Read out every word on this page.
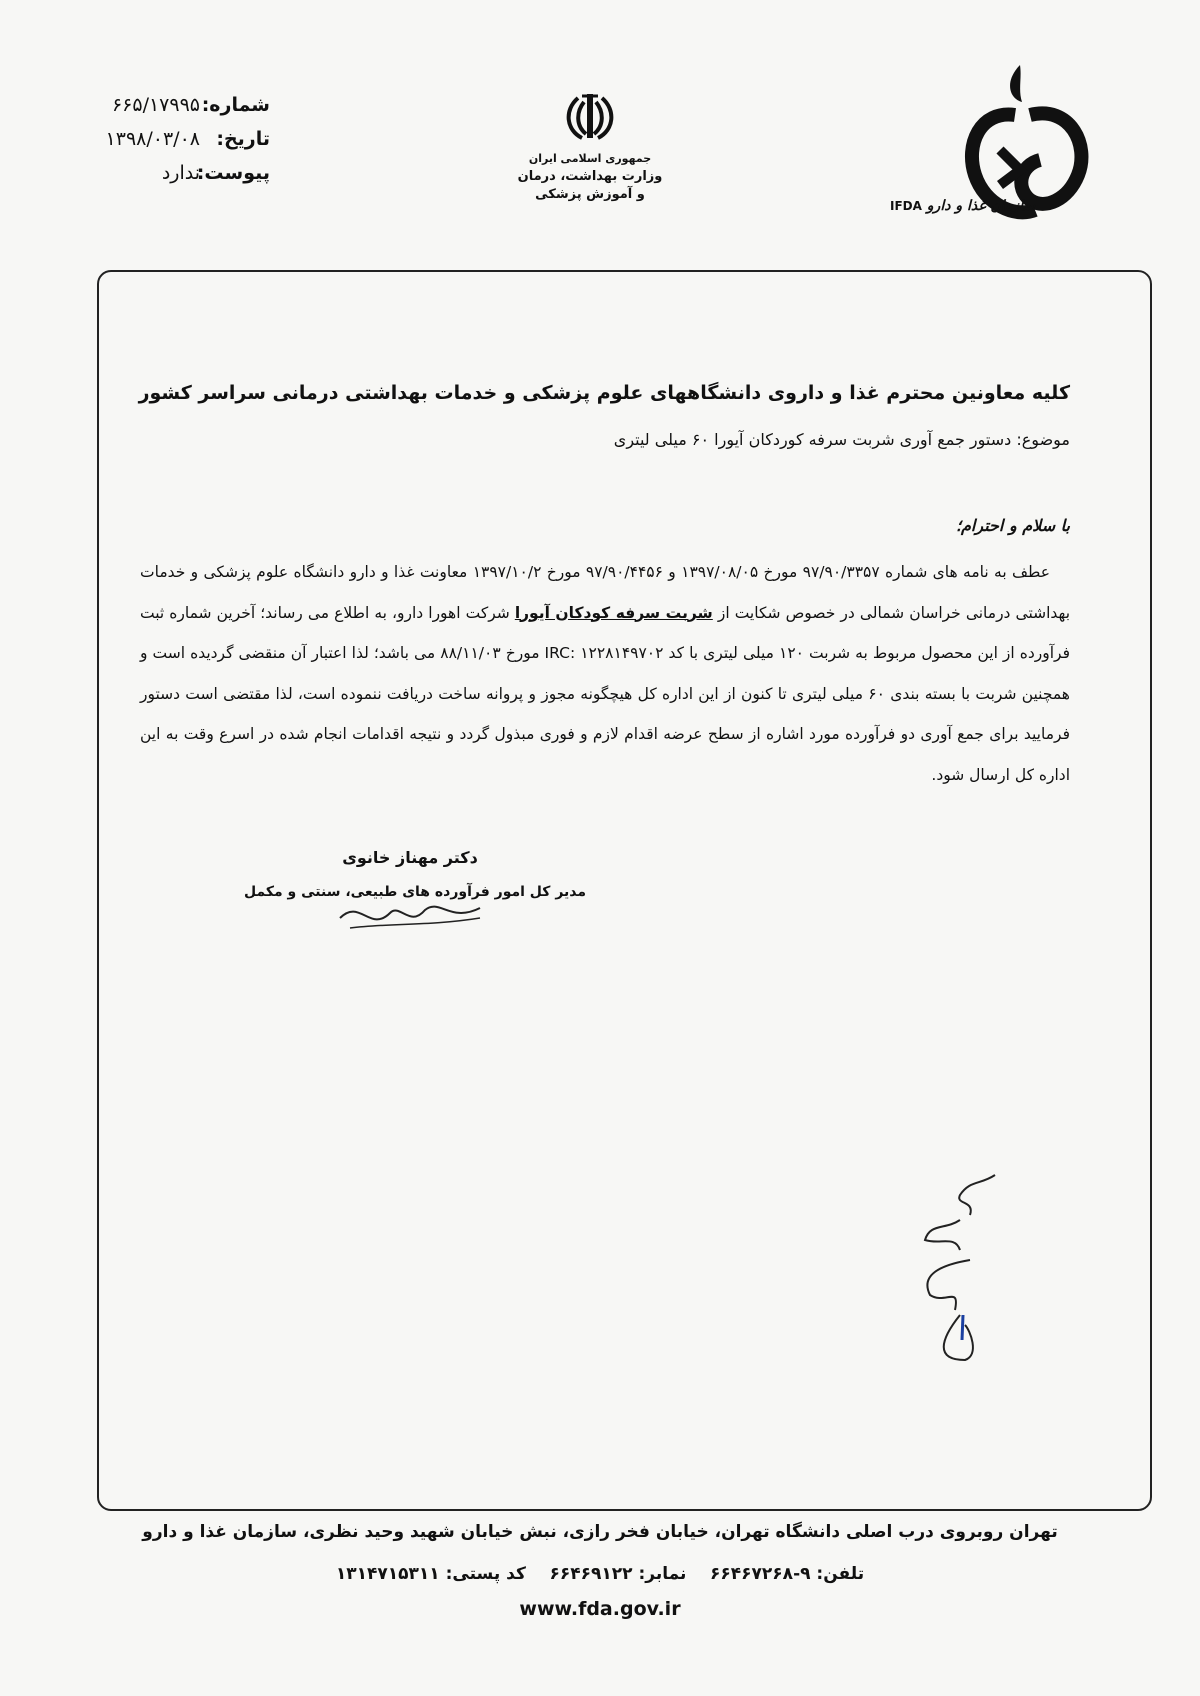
شماره:
۶۶۵/۱۷۹۹۵
تاریخ:
۱۳۹۸/۰۳/۰۸
پیوست:
ندارد
جمهوری اسلامی ایران
وزارت بهداشت، درمان
و آموزش پزشکی
سازمان غذا و دارو IFDA
کلیه معاونین محترم غذا و داروی دانشگاههای علوم پزشکی و خدمات بهداشتی درمانی سراسر کشور
موضوع: دستور جمع آوری شربت سرفه کوردکان آیورا ۶۰ میلی لیتری
با سلام و احترام؛
عطف به نامه های شماره ۹۷/۹۰/۳۳۵۷ مورخ ۱۳۹۷/۰۸/۰۵ و ۹۷/۹۰/۴۴۵۶ مورخ ۱۳۹۷/۱۰/۲ معاونت غذا و دارو دانشگاه علوم پزشکی و خدمات بهداشتی درمانی خراسان شمالی در خصوص شکایت از شربت سرفه کودکان آیورا شرکت اهورا دارو، به اطلاع می رساند؛ آخرین شماره ثبت فرآورده از این محصول مربوط به شربت ۱۲۰ میلی لیتری با کد IRC: ۱۲۲۸۱۴۹۷۰۲ مورخ ۸۸/۱۱/۰۳ می باشد؛ لذا اعتبار آن منقضی گردیده است و همچنین شربت با بسته بندی ۶۰ میلی لیتری تا کنون از این اداره کل هیچگونه مجوز و پروانه ساخت دریافت ننموده است، لذا مقتضی است دستور فرمایید برای جمع آوری دو فرآورده مورد اشاره از سطح عرضه اقدام لازم و فوری مبذول گردد و نتیجه اقدامات انجام شده در اسرع وقت به این اداره کل ارسال شود.
دکتر مهناز خانوی
مدیر کل امور فرآورده های طبیعی، سنتی و مکمل
تهران روبروی درب اصلی دانشگاه تهران، خیابان فخر رازی، نبش خیابان شهید وحید نظری، سازمان غذا و دارو
تلفن: ۹-۶۶۴۶۷۲۶۸    نمابر: ۶۶۴۶۹۱۲۲    کد پستی: ۱۳۱۴۷۱۵۳۱۱
www.fda.gov.ir
